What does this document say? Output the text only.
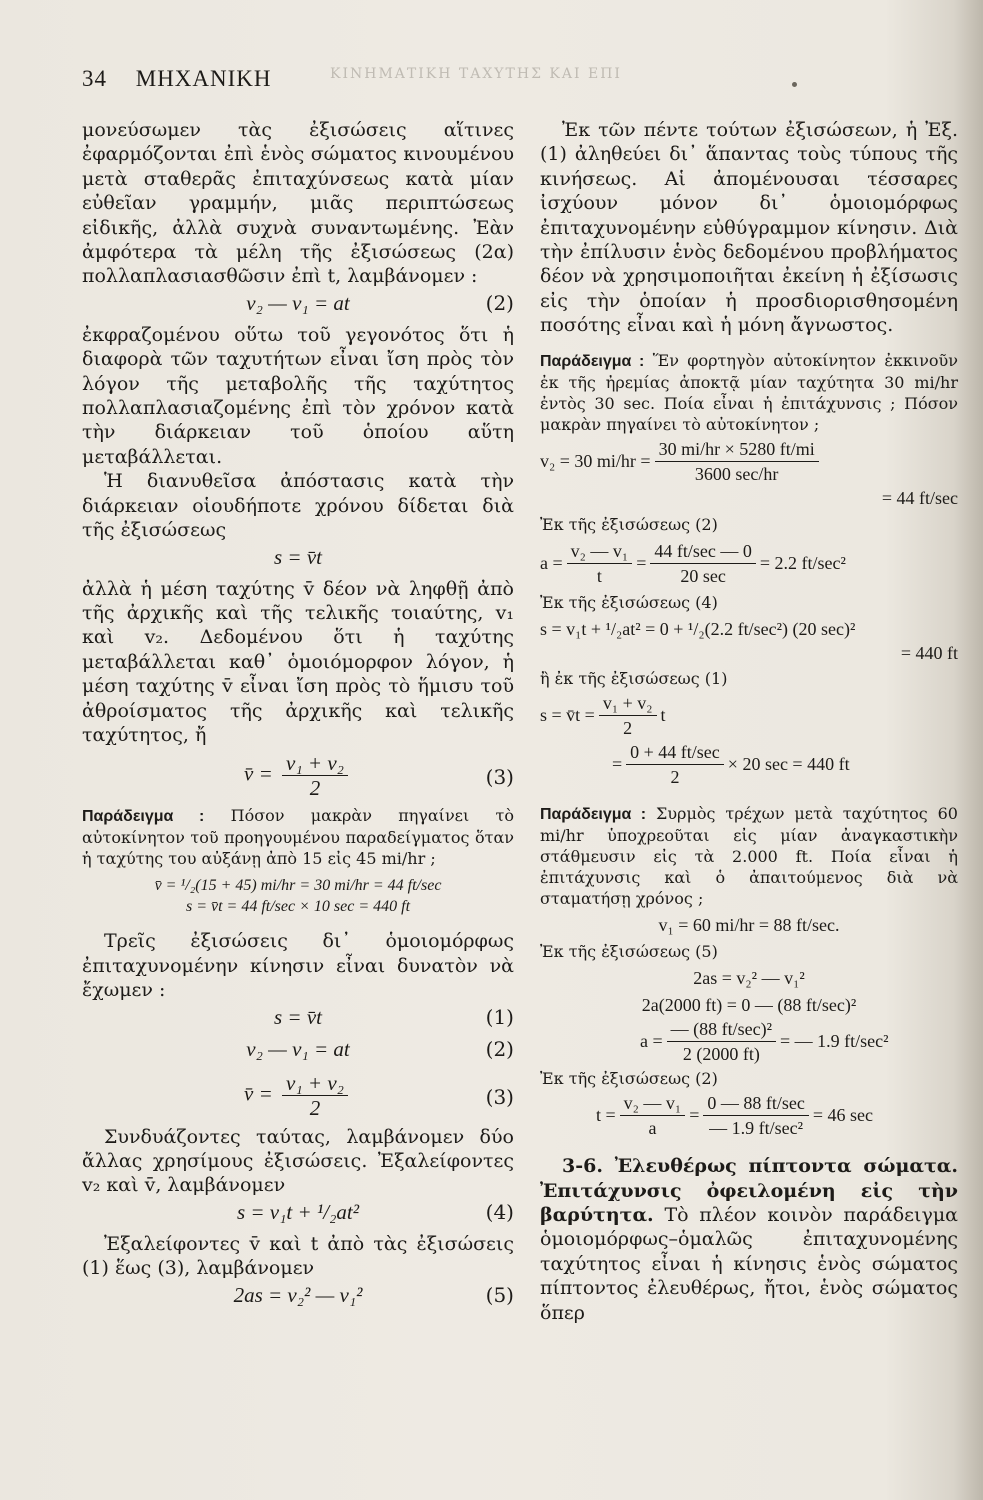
34 ΜΗΧΑΝΙΚΗ	ΚΙΝΗΜΑΤΙΚΗ ΤΑΧΥΤΗΣ ΚΑΙ ΕΠΙ

μονεύσωμεν τὰς ἐξισώσεις αἵτινες ἐφαρμόζονται ἐπὶ ἑνὸς σώματος κινουμένου μετὰ σταθερᾶς ἐπιταχύνσεως κατὰ μίαν εὐθεῖαν γραμμήν, μιᾶς περιπτώσεως εἰδικῆς, ἀλλὰ συχνὰ συναντωμένης. Ἐὰν ἀμφότερα τὰ μέλη τῆς ἐξισώσεως (2α) πολλαπλασιασθῶσιν ἐπὶ t, λαμβάνομεν :

v₂ — v₁ = at	(2)

ἐκφραζομένου οὕτω τοῦ γεγονότος ὅτι ἡ διαφορὰ τῶν ταχυτήτων εἶναι ἴση πρὸς τὸν λόγον τῆς μεταβολῆς τῆς ταχύτητος πολλαπλασιαζομένης ἐπὶ τὸν χρόνον κατὰ τὴν διάρκειαν τοῦ ὁποίου αὕτη μεταβάλλεται.

Ἡ διανυθεῖσα ἀπόστασις κατὰ τὴν διάρκειαν οἱουδήποτε χρόνου δίδεται διὰ τῆς ἐξισώσεως

s = v̄t

ἀλλὰ ἡ μέση ταχύτης v̄ δέον νὰ ληφθῇ ἀπὸ τῆς ἀρχικῆς καὶ τῆς τελικῆς τοιαύτης, v₁ καὶ v₂. Δεδομένου ὅτι ἡ ταχύτης μεταβάλλεται καθ᾽ ὁμοιόμορφον λόγον, ἡ μέση ταχύτης v̄ εἶναι ἴση πρὸς τὸ ἥμισυ τοῦ ἀθροίσματος τῆς ἀρχικῆς καὶ τελικῆς ταχύτητος, ἤ

v̄ = $\frac{\text{v₁ + v₂}}{2}$	(3)

Παράδειγμα : Πόσον μακρὰν πηγαίνει τὸ αὐτοκίνητον τοῦ προηγουμένου παραδείγματος ὅταν ἡ ταχύτης του αὐξάνῃ ἀπὸ 15 εἰς 45 mi/hr ;

v̄ = ¹/₂(15 + 45) mi/hr = 30 mi/hr = 44 ft/sec
s = v̄t = 44 ft/sec × 10 sec = 440 ft

Τρεῖς ἐξισώσεις δι᾽ ὁμοιομόρφως ἐπιταχυνομένην κίνησιν εἶναι δυνατὸν νὰ ἔχωμεν :

s = v̄t	(1)
v₂ — v₁ = at	(2)
v̄ = $\frac{\text{v₁ + v₂}}{2}$	(3)

Συνδυάζοντες ταύτας, λαμβάνομεν δύο ἄλλας χρησίμους ἐξισώσεις. Ἐξαλείφοντες v₂ καὶ v̄, λαμβάνομεν

s = v₁t + ¹/₂at²	(4)

Ἐξαλείφοντες v̄ καὶ t ἀπὸ τὰς ἐξισώσεις (1) ἕως (3), λαμβάνομεν

2as = v₂² — v₁²	(5)

Ἐκ τῶν πέντε τούτων ἐξισώσεων, ἡ Ἐξ. (1) ἀληθεύει δι᾽ ἅπαντας τοὺς τύπους τῆς κινήσεως. Αἱ ἀπομένουσαι τέσσαρες ἰσχύουν μόνον δι᾽ ὁμοιομόρφως ἐπιταχυνομένην εὐθύγραμμον κίνησιν. Διὰ τὴν ἐπίλυσιν ἑνὸς δεδομένου προβλήματος δέον νὰ χρησιμοποιῆται ἐκείνη ἡ ἐξίσωσις εἰς τὴν ὁποίαν ἡ προσδιορισθησομένη ποσότης εἶναι καὶ ἡ μόνη ἄγνωστος.

Παράδειγμα : Ἕν φορτηγὸν αὐτοκίνητον ἐκκινοῦν ἐκ τῆς ἠρεμίας ἀποκτᾷ μίαν ταχύτητα 30 mi/hr ἐντὸς 30 sec. Ποία εἶναι ἡ ἐπιτάχυνσις ; Πόσον μακρὰν πηγαίνει τὸ αὐτοκίνητον ;

v₂ = 30 $mi/hr = \frac{30 mi/hr \times 5280 ft/mi}{3600 \sec/hr}$
= 44 ft/sec
Ἐκ τῆς ἐξισώσεως (2)
$a = \frac{\text{v₂ — v₁}}{t} = \frac{44 ft/\sec — 0}{20 \sec} = 2.2$ ft/sec²
Ἐκ τῆς ἐξισώσεως (4)
s = v₁t + ¹/₂at² = 0 + ¹/₂(2.2 ft/sec²) (20 sec)²
= 440 ft
ἢ ἐκ τῆς ἐξισώσεως (1)
s = v̄t = $\frac{\text{v₁ + v₂}}{2}$ t
= $\frac{0 + 44 ft/\sec}{2} \times 20$ sec = 440 ft

Παράδειγμα : Συρμὸς τρέχων μετὰ ταχύτητος 60 mi/hr ὑποχρεοῦται εἰς μίαν ἀναγκαστικὴν στάθμευσιν εἰς τὰ 2.000 ft. Ποία εἶναι ἡ ἐπιτάχυνσις καὶ ὁ ἀπαιτούμενος διὰ νὰ σταματήσῃ χρόνος ;

v₁ = 60 mi/hr = 88 ft/sec.
Ἐκ τῆς ἐξισώσεως (5)
2as = v₂² — v₁²
2a(2000 ft) = 0 — (88 ft/sec)²
$a = \frac{\text{— (88 ft/sec)²}}{2 (2000 ft)}$ = — 1.9 ft/sec²
Ἐκ τῆς ἐξισώσεως (2)
$t = \frac{\text{v₂ — v₁}}{a} = \frac{0 — 88 ft/\sec}{\text{— 1.9 ft/sec²}} = 46$ sec

3-6. Ἐλευθέρως πίπτοντα σώματα. Ἐπιτάχυνσις ὀφειλομένη εἰς τὴν βαρύτητα. Τὸ πλέον κοινὸν παράδειγμα ὁμοιομόρφως–ὁμαλῶς ἐπιταχυνομένης ταχύτητος εἶναι ἡ κίνησις ἑνὸς σώματος πίπτοντος ἐλευθέρως, ἤτοι, ἑνὸς σώματος ὅπερ
